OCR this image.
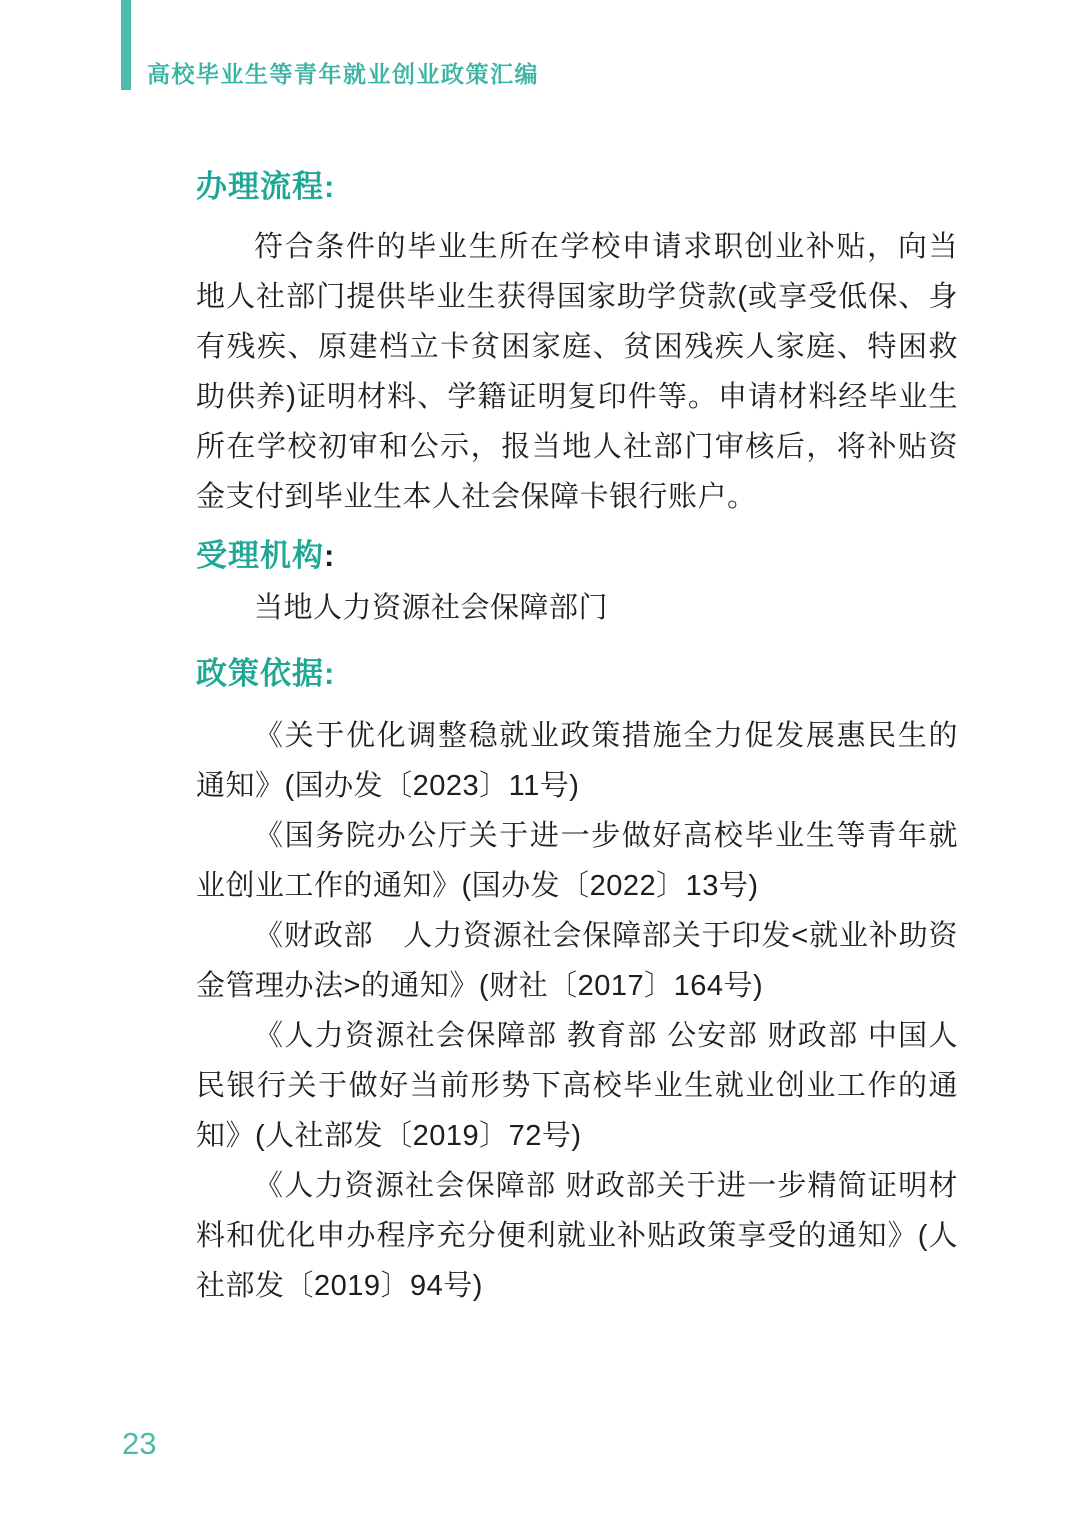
高校毕业生等青年就业创业政策汇编
办理流程:

符合条件的毕业生所在学校申请求职创业补贴，向当地人社部门提供毕业生获得国家助学贷款(或享受低保、身有残疾、原建档立卡贫困家庭、贫困残疾人家庭、特困救助供养)证明材料、学籍证明复印件等。申请材料经毕业生所在学校初审和公示，报当地人社部门审核后，将补贴资金支付到毕业生本人社会保障卡银行账户。

受理机构:

当地人力资源社会保障部门

政策依据:

《关于优化调整稳就业政策措施全力促发展惠民生的通知》(国办发〔2023〕11号)

《国务院办公厅关于进一步做好高校毕业生等青年就业创业工作的通知》(国办发〔2022〕13号)

《财政部　人力资源社会保障部关于印发<就业补助资金管理办法>的通知》(财社〔2017〕164号)

《人力资源社会保障部 教育部 公安部 财政部 中国人民银行关于做好当前形势下高校毕业生就业创业工作的通知》(人社部发〔2019〕72号)

《人力资源社会保障部 财政部关于进一步精简证明材料和优化申办程序充分便利就业补贴政策享受的通知》(人社部发〔2019〕94号)

23
